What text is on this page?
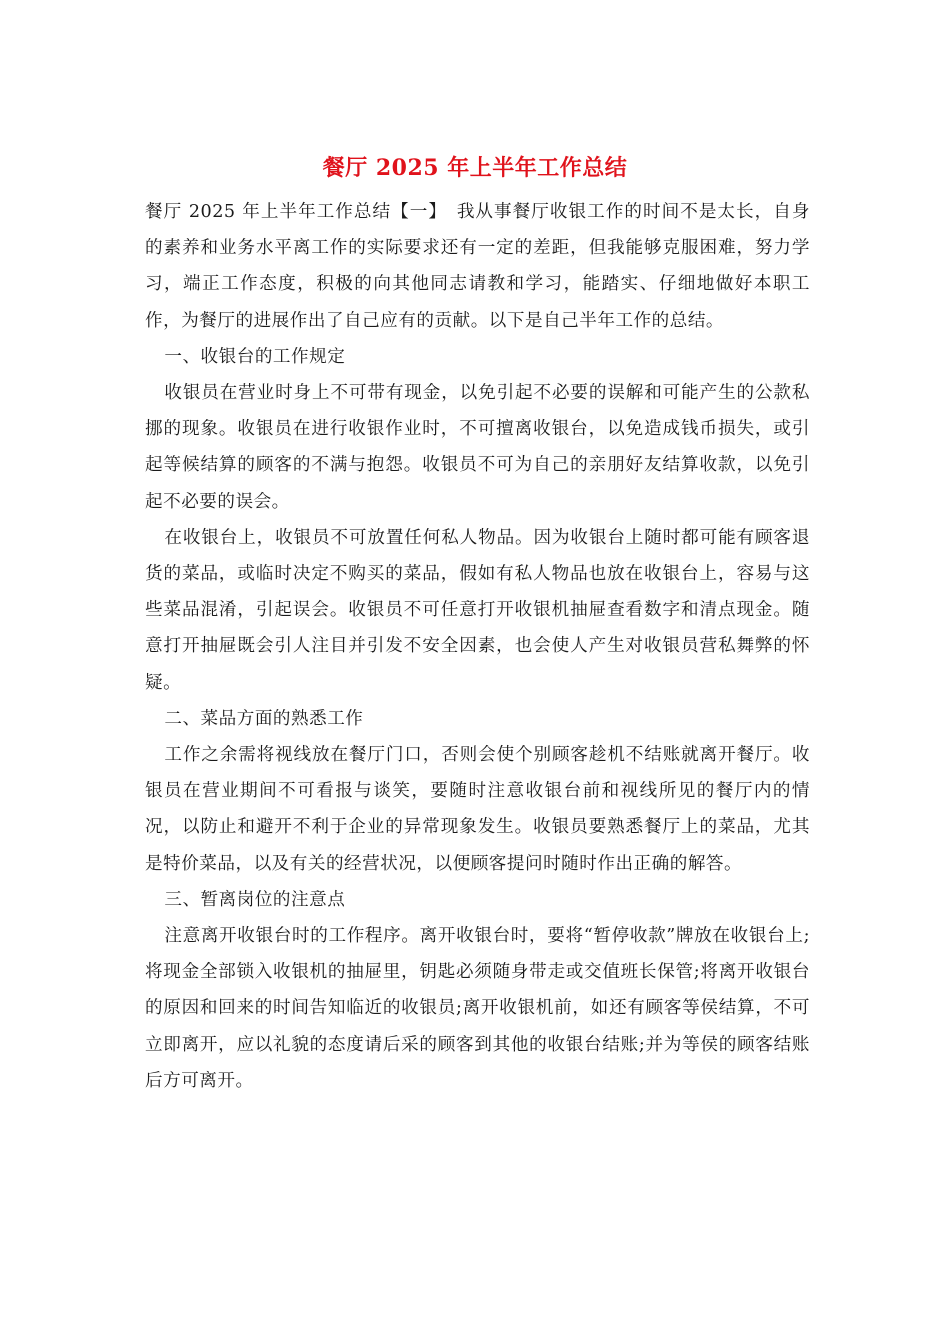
餐厅 2025 年上半年工作总结

餐厅 2025 年上半年工作总结【一】　我从事餐厅收银工作的时间不是太长，自身的素养和业务水平离工作的实际要求还有一定的差距，但我能够克服困难，努力学习，端正工作态度，积极的向其他同志请教和学习，能踏实、仔细地做好本职工作，为餐厅的进展作出了自己应有的贡献。以下是自己半年工作的总结。

一、收银台的工作规定

收银员在营业时身上不可带有现金，以免引起不必要的误解和可能产生的公款私挪的现象。收银员在进行收银作业时，不可擅离收银台，以免造成钱币损失，或引起等候结算的顾客的不满与抱怨。收银员不可为自己的亲朋好友结算收款，以免引起不必要的误会。

在收银台上，收银员不可放置任何私人物品。因为收银台上随时都可能有顾客退货的菜品，或临时决定不购买的菜品，假如有私人物品也放在收银台上，容易与这些菜品混淆，引起误会。收银员不可任意打开收银机抽屉查看数字和清点现金。随意打开抽屉既会引人注目并引发不安全因素，也会使人产生对收银员营私舞弊的怀疑。

二、菜品方面的熟悉工作

工作之余需将视线放在餐厅门口，否则会使个别顾客趁机不结账就离开餐厅。收银员在营业期间不可看报与谈笑，要随时注意收银台前和视线所见的餐厅内的情况，以防止和避开不利于企业的异常现象发生。收银员要熟悉餐厅上的菜品，尤其是特价菜品，以及有关的经营状况，以便顾客提问时随时作出正确的解答。

三、暂离岗位的注意点

注意离开收银台时的工作程序。离开收银台时，要将“暂停收款”牌放在收银台上;将现金全部锁入收银机的抽屉里，钥匙必须随身带走或交值班长保管;将离开收银台的原因和回来的时间告知临近的收银员;离开收银机前，如还有顾客等侯结算，不可立即离开，应以礼貌的态度请后采的顾客到其他的收银台结账;并为等侯的顾客结账后方可离开。
